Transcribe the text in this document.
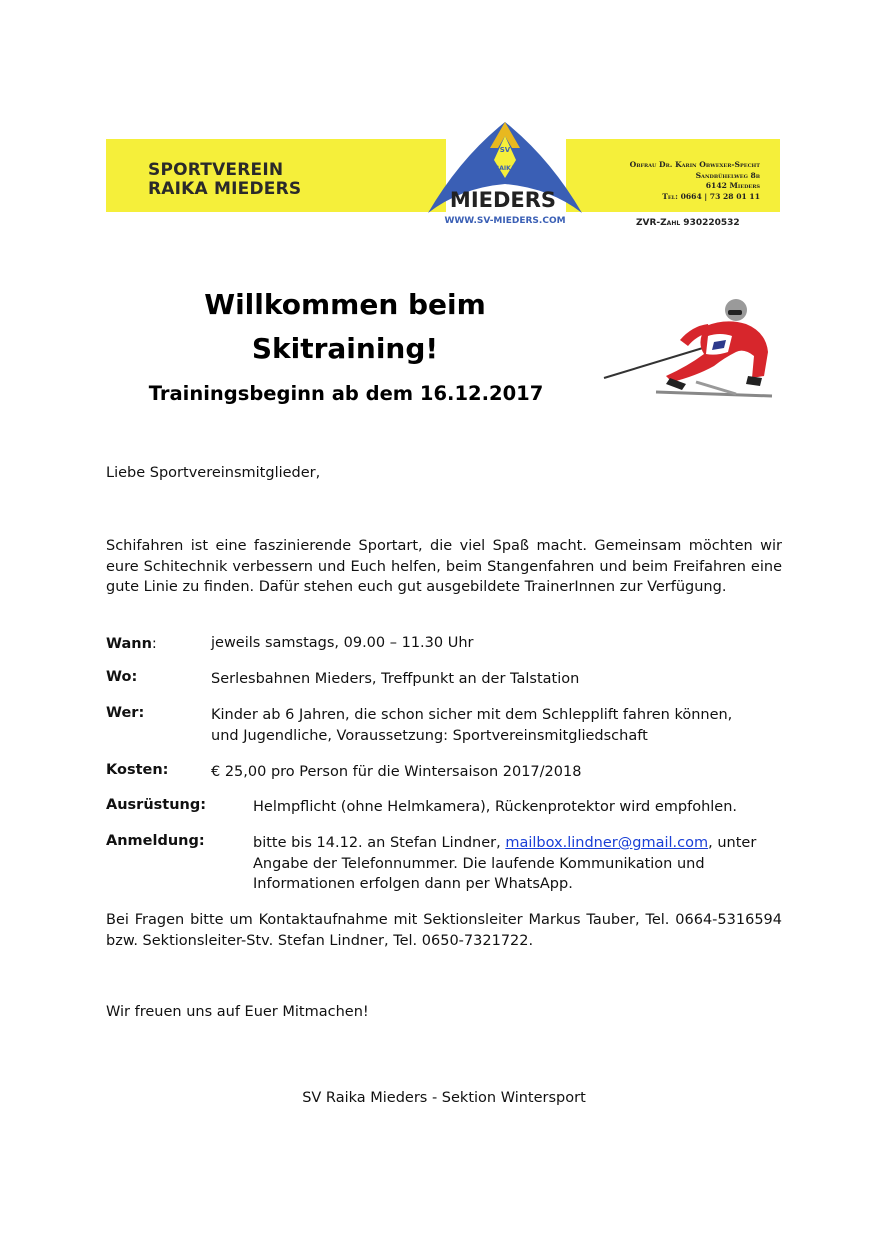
SPORTVEREIN
RAIKA MIEDERS
SV
RAIKA
MIEDERS
WWW.SV-MIEDERS.COM
Obfrau Dr. Karin Obwexer-Specht
Sandbühelweg 8b
6142 Mieders
Tel: 0664 | 73 28 01 11
ZVR-Zahl 930220532
Willkommen beim
Skitraining!
Trainingsbeginn ab dem 16.12.2017
Liebe Sportvereinsmitglieder,
Schifahren ist eine faszinierende Sportart, die viel Spaß macht. Gemeinsam möchten wir eure Schitechnik verbessern und Euch helfen, beim Stangenfahren und beim Freifahren eine gute Linie zu finden. Dafür stehen euch gut ausgebildete TrainerInnen zur Verfügung.
Wann:	jeweils samstags, 09.00 – 11.30 Uhr
Wo:	Serlesbahnen Mieders, Treffpunkt an der Talstation
Wer:	Kinder ab 6 Jahren, die schon sicher mit dem Schlepplift fahren können,
und Jugendliche, Voraussetzung: Sportvereinsmitgliedschaft
Kosten:	€ 25,00 pro Person für die Wintersaison 2017/2018
Ausrüstung:	Helmpflicht (ohne Helmkamera), Rückenprotektor wird empfohlen.
Anmeldung:	bitte bis 14.12. an Stefan Lindner, mailbox.lindner@gmail.com, unter
Angabe der Telefonnummer. Die laufende Kommunikation und
Informationen erfolgen dann per WhatsApp.
Bei Fragen bitte um Kontaktaufnahme mit Sektionsleiter Markus Tauber, Tel. 0664-5316594 bzw. Sektionsleiter-Stv. Stefan Lindner, Tel. 0650-7321722.
Wir freuen uns auf Euer Mitmachen!
SV Raika Mieders - Sektion Wintersport
